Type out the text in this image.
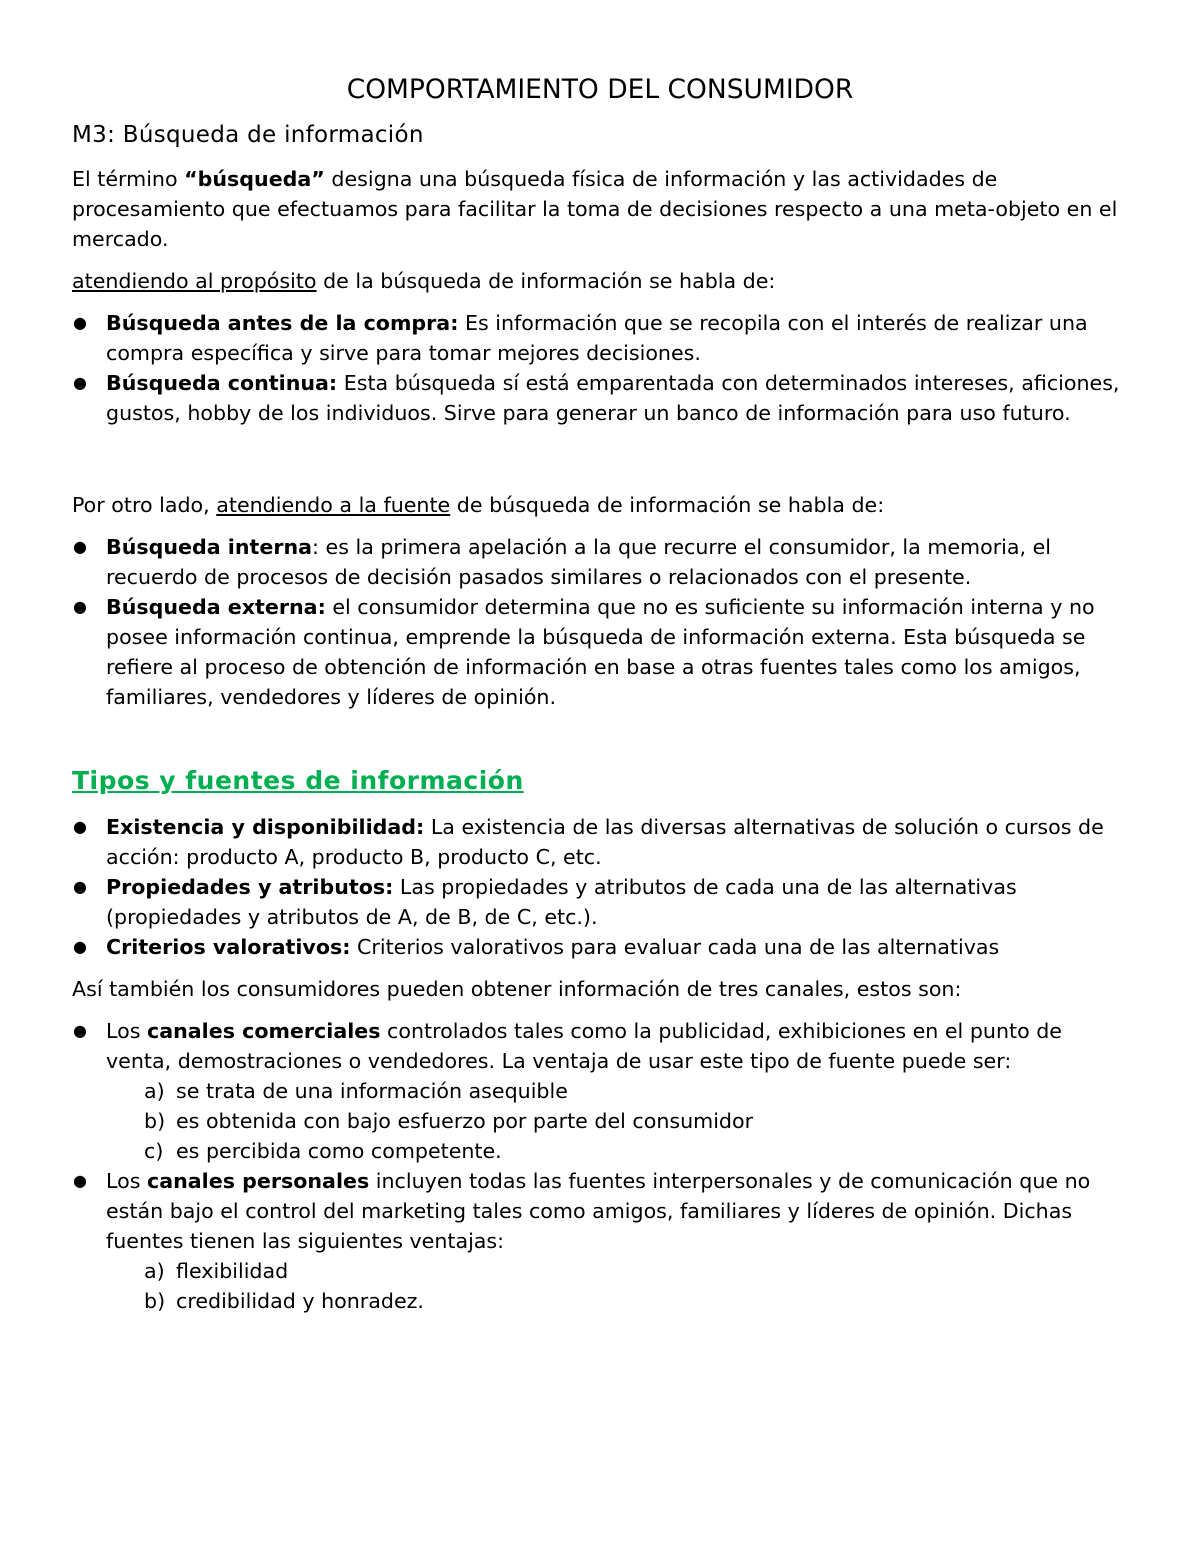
COMPORTAMIENTO DEL CONSUMIDOR
M3: Búsqueda de información

El término “búsqueda” designa una búsqueda física de información y las actividades de procesamiento que efectuamos para facilitar la toma de decisiones respecto a una meta-objeto en el mercado.

atendiendo al propósito de la búsqueda de información se habla de:

● Búsqueda antes de la compra: Es información que se recopila con el interés de realizar una compra específica y sirve para tomar mejores decisiones.
● Búsqueda continua: Esta búsqueda sí está emparentada con determinados intereses, aficiones, gustos, hobby de los individuos. Sirve para generar un banco de información para uso futuro.

Por otro lado, atendiendo a la fuente de búsqueda de información se habla de:

● Búsqueda interna: es la primera apelación a la que recurre el consumidor, la memoria, el recuerdo de procesos de decisión pasados similares o relacionados con el presente.
● Búsqueda externa: el consumidor determina que no es suficiente su información interna y no posee información continua, emprende la búsqueda de información externa. Esta búsqueda se refiere al proceso de obtención de información en base a otras fuentes tales como los amigos, familiares, vendedores y líderes de opinión.
Tipos y fuentes de información
● Existencia y disponibilidad: La existencia de las diversas alternativas de solución o cursos de acción: producto A, producto B, producto C, etc.
● Propiedades y atributos: Las propiedades y atributos de cada una de las alternativas (propiedades y atributos de A, de B, de C, etc.).
● Criterios valorativos: Criterios valorativos para evaluar cada una de las alternativas

Así también los consumidores pueden obtener información de tres canales, estos son:

● Los canales comerciales controlados tales como la publicidad, exhibiciones en el punto de venta, demostraciones o vendedores. La ventaja de usar este tipo de fuente puede ser:
a) se trata de una información asequible
b) es obtenida con bajo esfuerzo por parte del consumidor
c) es percibida como competente.
● Los canales personales incluyen todas las fuentes interpersonales y de comunicación que no están bajo el control del marketing tales como amigos, familiares y líderes de opinión. Dichas fuentes tienen las siguientes ventajas:
a) flexibilidad
b) credibilidad y honradez.
